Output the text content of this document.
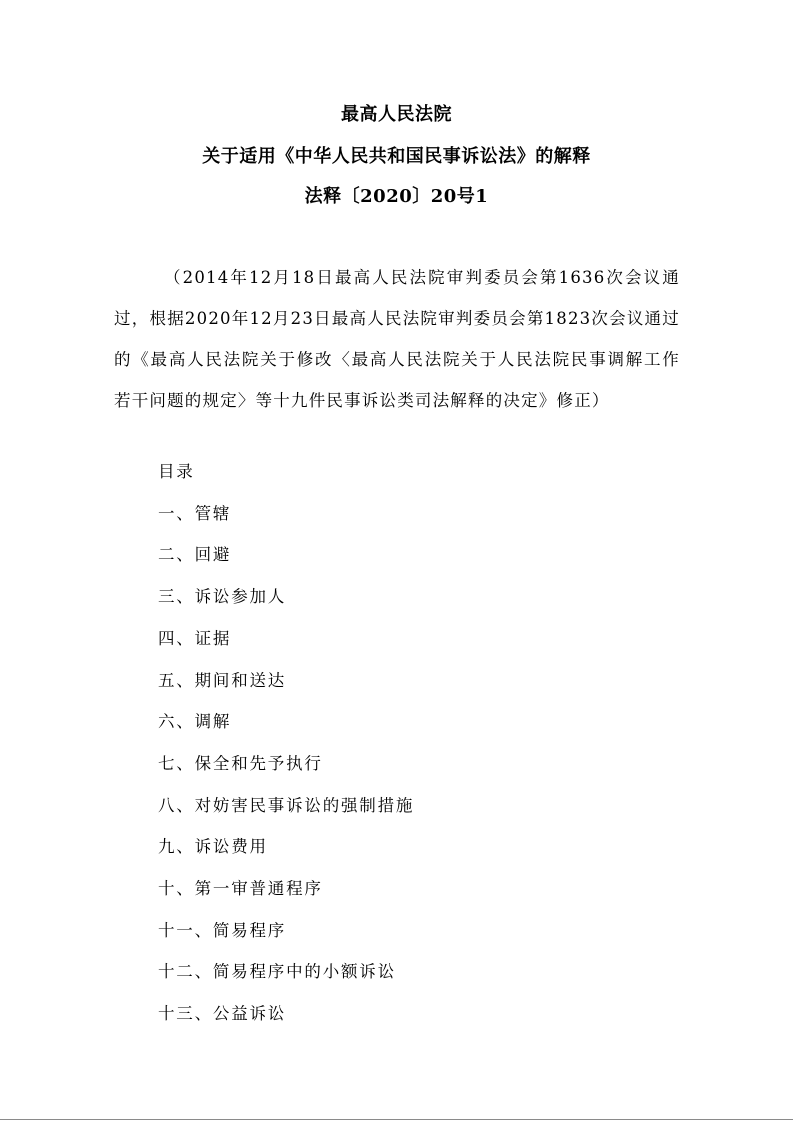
最高人民法院
关于适用《中华人民共和国民事诉讼法》的解释
法释〔2020〕20号1

（2014年12月18日最高人民法院审判委员会第1636次会议通过，根据2020年12月23日最高人民法院审判委员会第1823次会议通过的《最高人民法院关于修改〈最高人民法院关于人民法院民事调解工作若干问题的规定〉等十九件民事诉讼类司法解释的决定》修正）

目录
一、管辖
二、回避
三、诉讼参加人
四、证据
五、期间和送达
六、调解
七、保全和先予执行
八、对妨害民事诉讼的强制措施
九、诉讼费用
十、第一审普通程序
十一、简易程序
十二、简易程序中的小额诉讼
十三、公益诉讼
